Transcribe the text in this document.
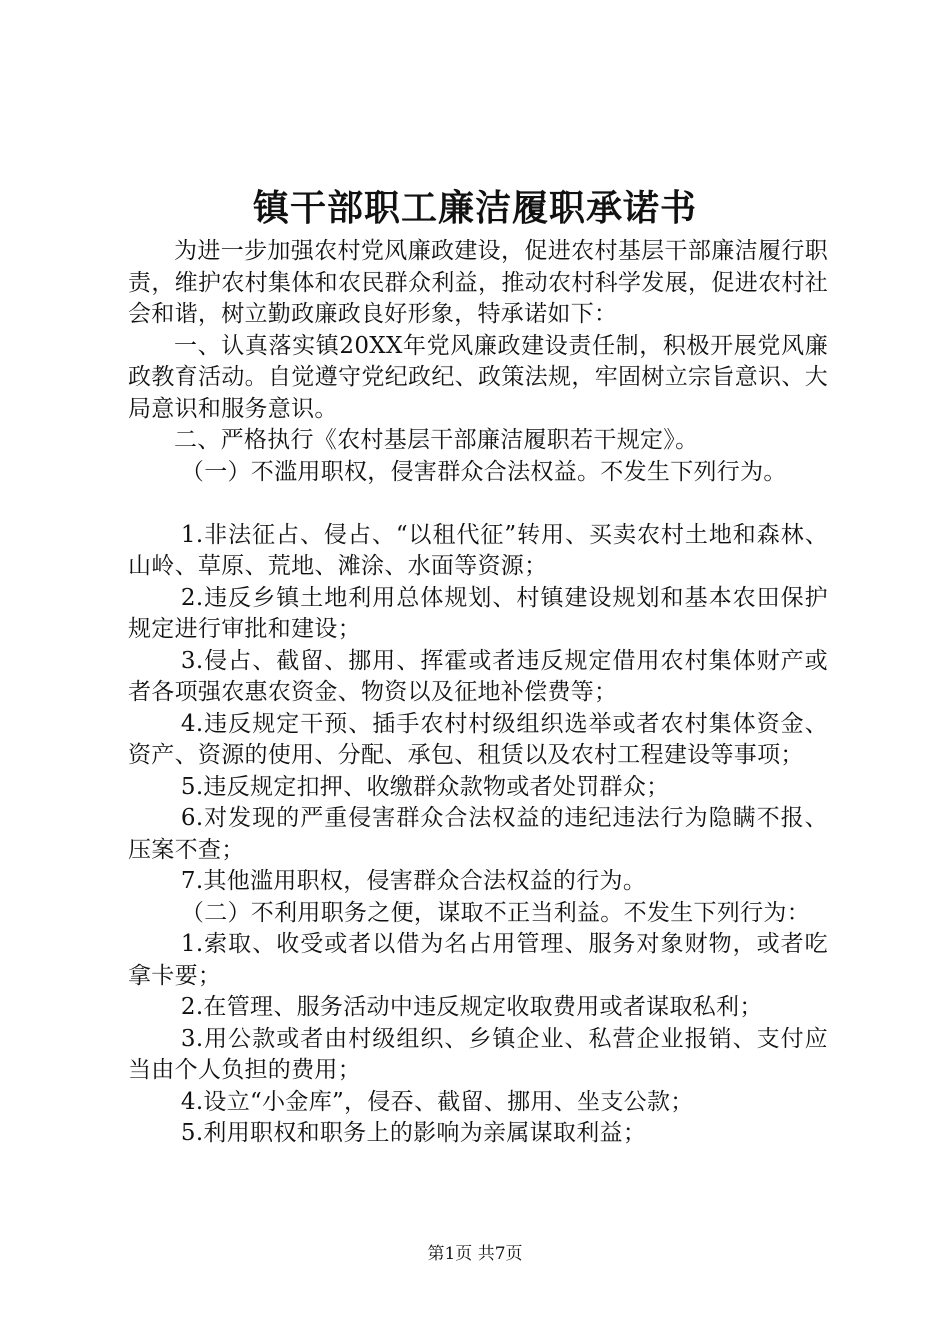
镇干部职工廉洁履职承诺书

为进一步加强农村党风廉政建设，促进农村基层干部廉洁履行职责，维护农村集体和农民群众利益，推动农村科学发展，促进农村社会和谐，树立勤政廉政良好形象，特承诺如下：

一、认真落实镇20XX年党风廉政建设责任制，积极开展党风廉政教育活动。自觉遵守党纪政纪、政策法规，牢固树立宗旨意识、大局意识和服务意识。

二、严格执行《农村基层干部廉洁履职若干规定》。

（一）不滥用职权，侵害群众合法权益。不发生下列行为。

1.非法征占、侵占、“以租代征”转用、买卖农村土地和森林、山岭、草原、荒地、滩涂、水面等资源；

2.违反乡镇土地利用总体规划、村镇建设规划和基本农田保护规定进行审批和建设；

3.侵占、截留、挪用、挥霍或者违反规定借用农村集体财产或者各项强农惠农资金、物资以及征地补偿费等；

4.违反规定干预、插手农村村级组织选举或者农村集体资金、资产、资源的使用、分配、承包、租赁以及农村工程建设等事项；

5.违反规定扣押、收缴群众款物或者处罚群众；

6.对发现的严重侵害群众合法权益的违纪违法行为隐瞒不报、压案不查；

7.其他滥用职权，侵害群众合法权益的行为。

（二）不利用职务之便，谋取不正当利益。不发生下列行为：

1.索取、收受或者以借为名占用管理、服务对象财物，或者吃拿卡要；

2.在管理、服务活动中违反规定收取费用或者谋取私利；

3.用公款或者由村级组织、乡镇企业、私营企业报销、支付应当由个人负担的费用；

4.设立“小金库”，侵吞、截留、挪用、坐支公款；

5.利用职权和职务上的影响为亲属谋取利益；

第1页 共7页
